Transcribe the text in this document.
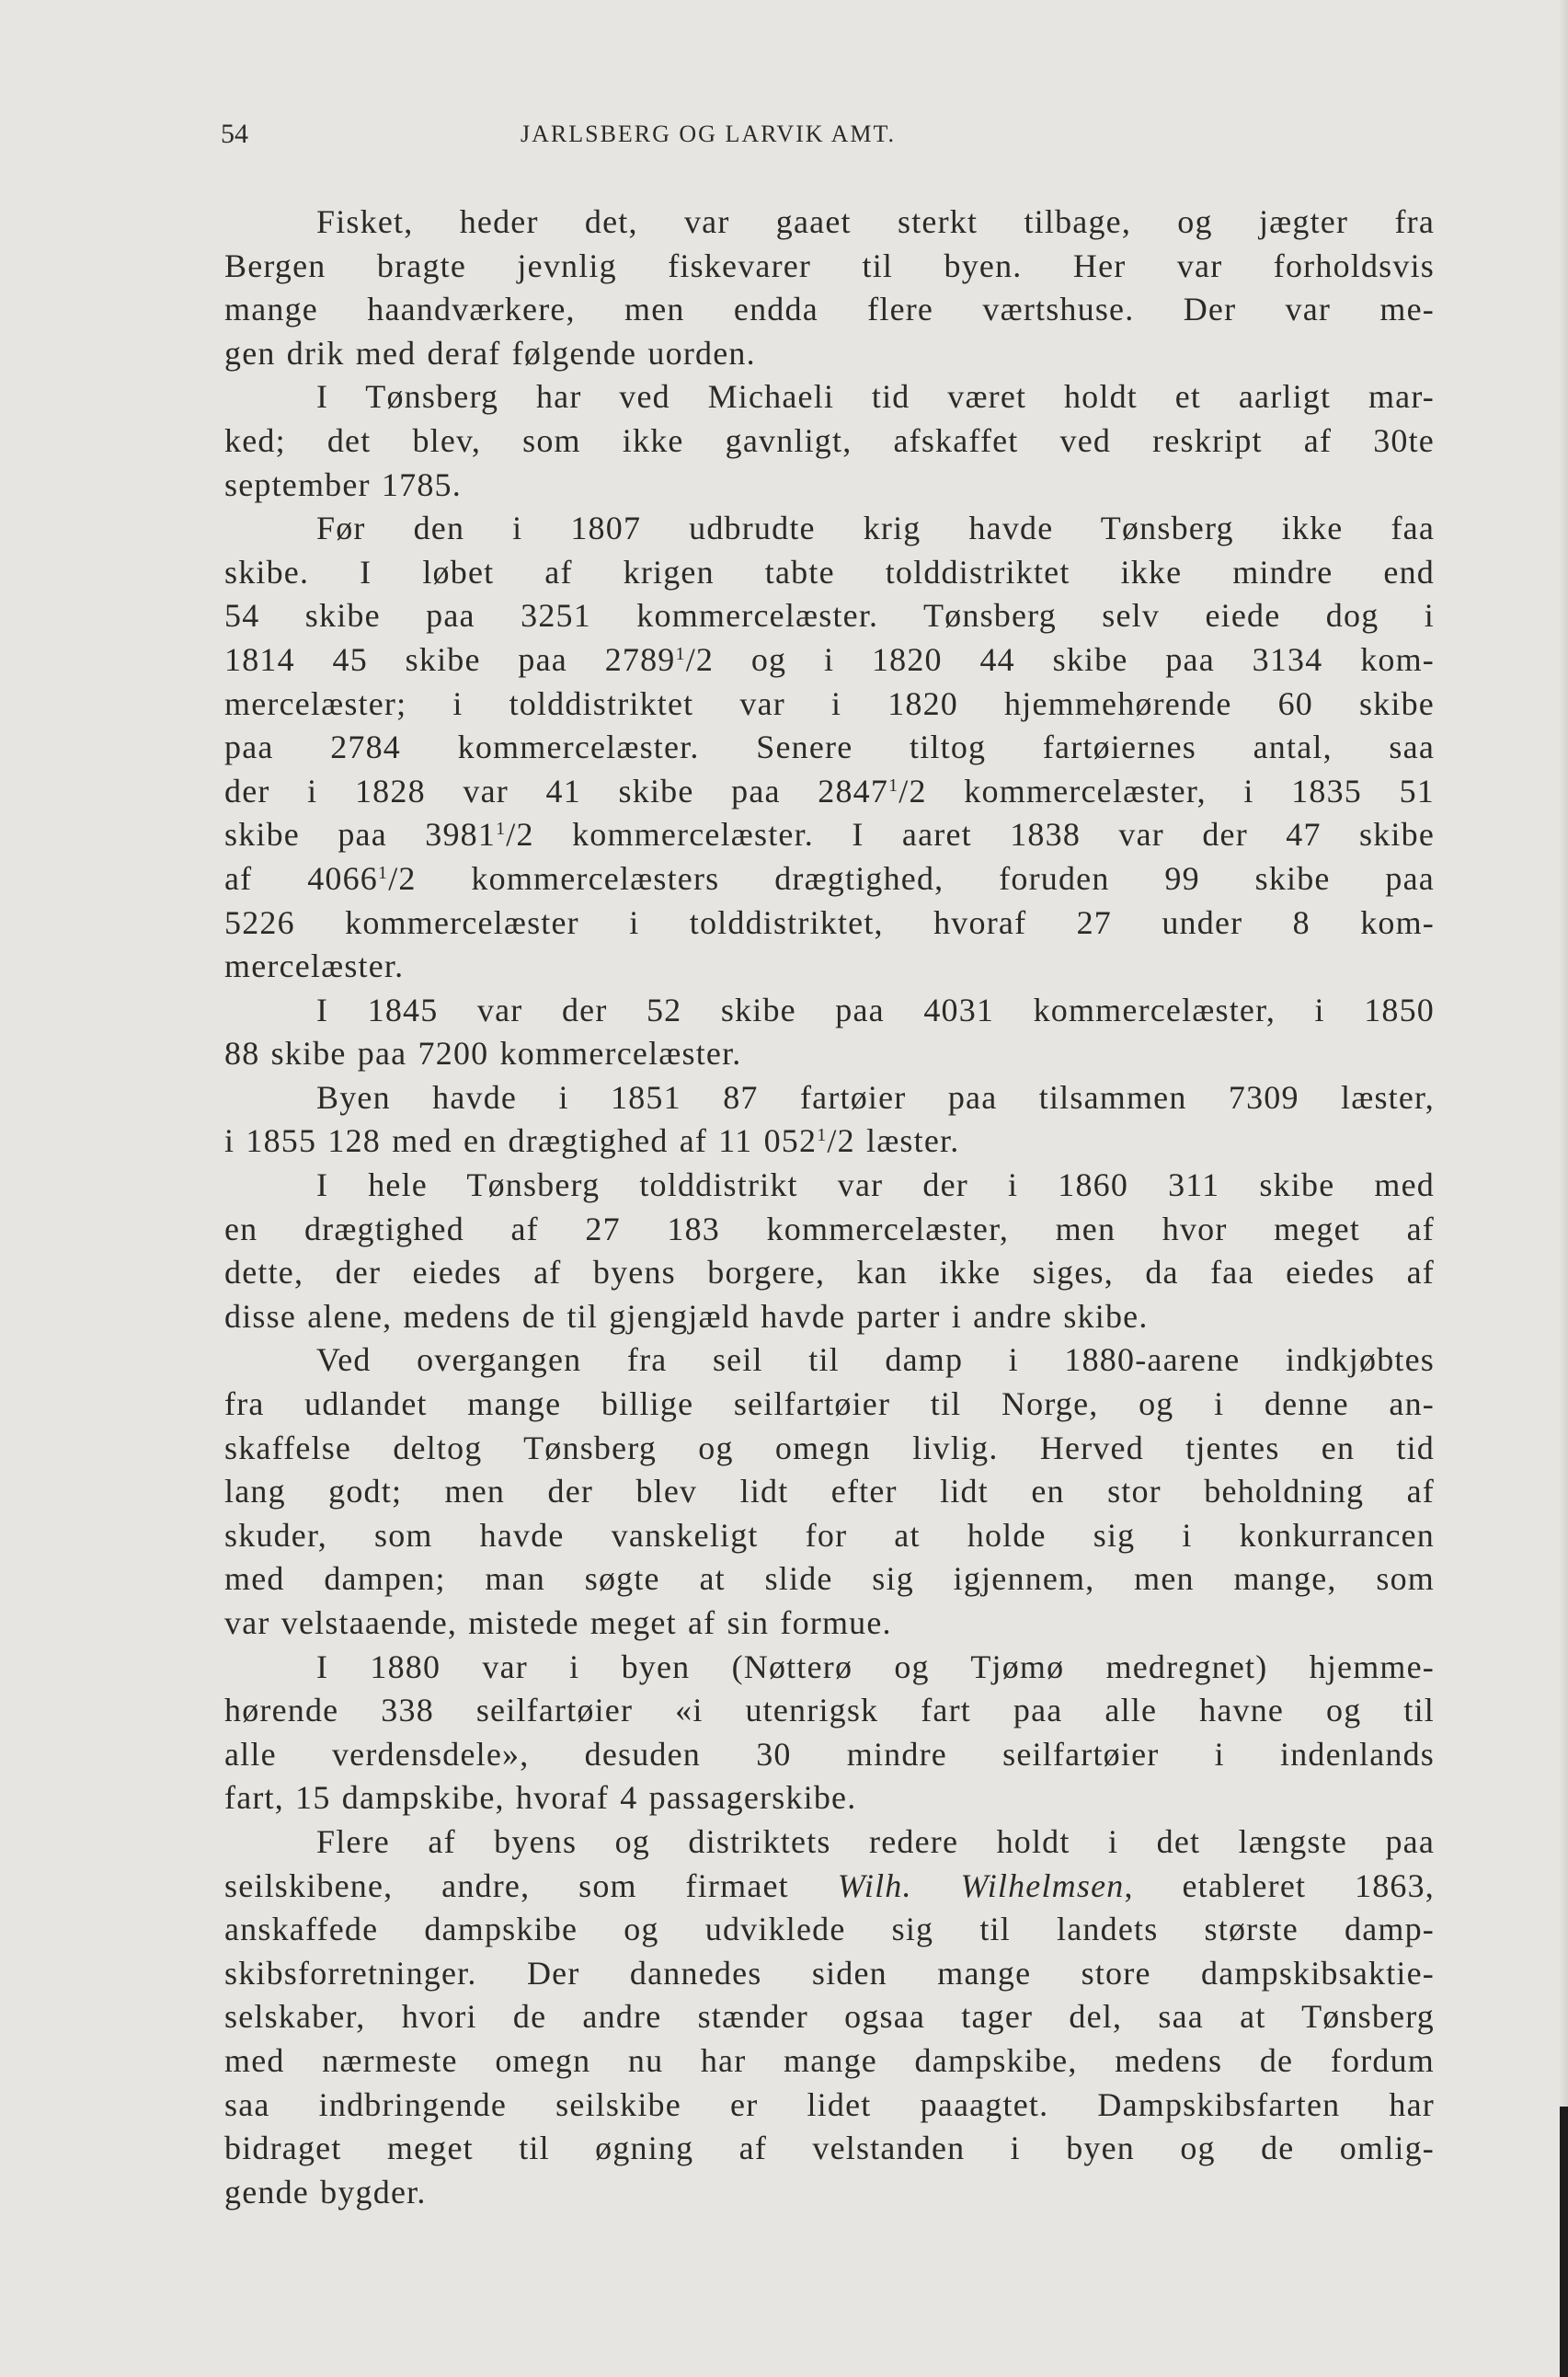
54	JARLSBERG OG LARVIK AMT.
Fisket, heder det, var gaaet sterkt tilbage, og jægter fra
Bergen bragte jevnlig fiskevarer til byen. Her var forholdsvis
mange haandværkere, men endda flere værtshuse. Der var me-
gen drik med deraf følgende uorden.
I Tønsberg har ved Michaeli tid været holdt et aarligt mar-
ked; det blev, som ikke gavnligt, afskaffet ved reskript af 30te
september 1785.
Før den i 1807 udbrudte krig havde Tønsberg ikke faa
skibe. I løbet af krigen tabte tolddistriktet ikke mindre end
54 skibe paa 3251 kommercelæster. Tønsberg selv eiede dog i
1814 45 skibe paa 2789$^1$/2 og i 1820 44 skibe paa 3134 kom-
mercelæster; i tolddistriktet var i 1820 hjemmehørende 60 skibe
paa 2784 kommercelæster. Senere tiltog fartøiernes antal, saa
der i 1828 var 41 skibe paa 2847$^1$/2 kommercelæster, i 1835 51
skibe paa 3981$^1$/2 kommercelæster. I aaret 1838 var der 47 skibe
af 4066$^1$/2 kommercelæsters drægtighed, foruden 99 skibe paa
5226 kommercelæster i tolddistriktet, hvoraf 27 under 8 kom-
mercelæster.
I 1845 var der 52 skibe paa 4031 kommercelæster, i 1850
88 skibe paa 7200 kommercelæster.
Byen havde i 1851 87 fartøier paa tilsammen 7309 læster,
i 1855 128 med en drægtighed af 11 $052^1/2$ læster.
I hele Tønsberg tolddistrikt var der i 1860 311 skibe med
en drægtighed af 27 183 kommercelæster, men hvor meget af
dette, der eiedes af byens borgere, kan ikke siges, da faa eiedes af
disse alene, medens de til gjengjæld havde parter i andre skibe.
Ved overgangen fra seil til damp i 1880-aarene indkjøbtes
fra udlandet mange billige seilfartøier til Norge, og i denne an-
skaffelse deltog Tønsberg og omegn livlig. Herved tjentes en tid
lang godt; men der blev lidt efter lidt en stor beholdning af
skuder, som havde vanskeligt for at holde sig i konkurrancen
med dampen; man søgte at slide sig igjennem, men mange, som
var velstaaende, mistede meget af sin formue.
I 1880 var i byen (Nøtterø og Tjømø medregnet) hjemme-
hørende 338 seilfartøier «i utenrigsk fart paa alle havne og til
alle verdensdele», desuden 30 mindre seilfartøier i indenlands
fart, 15 dampskibe, hvoraf 4 passagerskibe.
Flere af byens og distriktets redere holdt i det længste paa
seilskibene, andre, som firmaet Wilh. Wilhelmsen, etableret 1863,
anskaffede dampskibe og udviklede sig til landets største damp-
skibsforretninger. Der dannedes siden mange store dampskibsaktie-
selskaber, hvori de andre stænder ogsaa tager del, saa at Tønsberg
med nærmeste omegn nu har mange dampskibe, medens de fordum
saa indbringende seilskibe er lidet paaagtet. Dampskibsfarten har
bidraget meget til øgning af velstanden i byen og de omlig-
gende bygder.
